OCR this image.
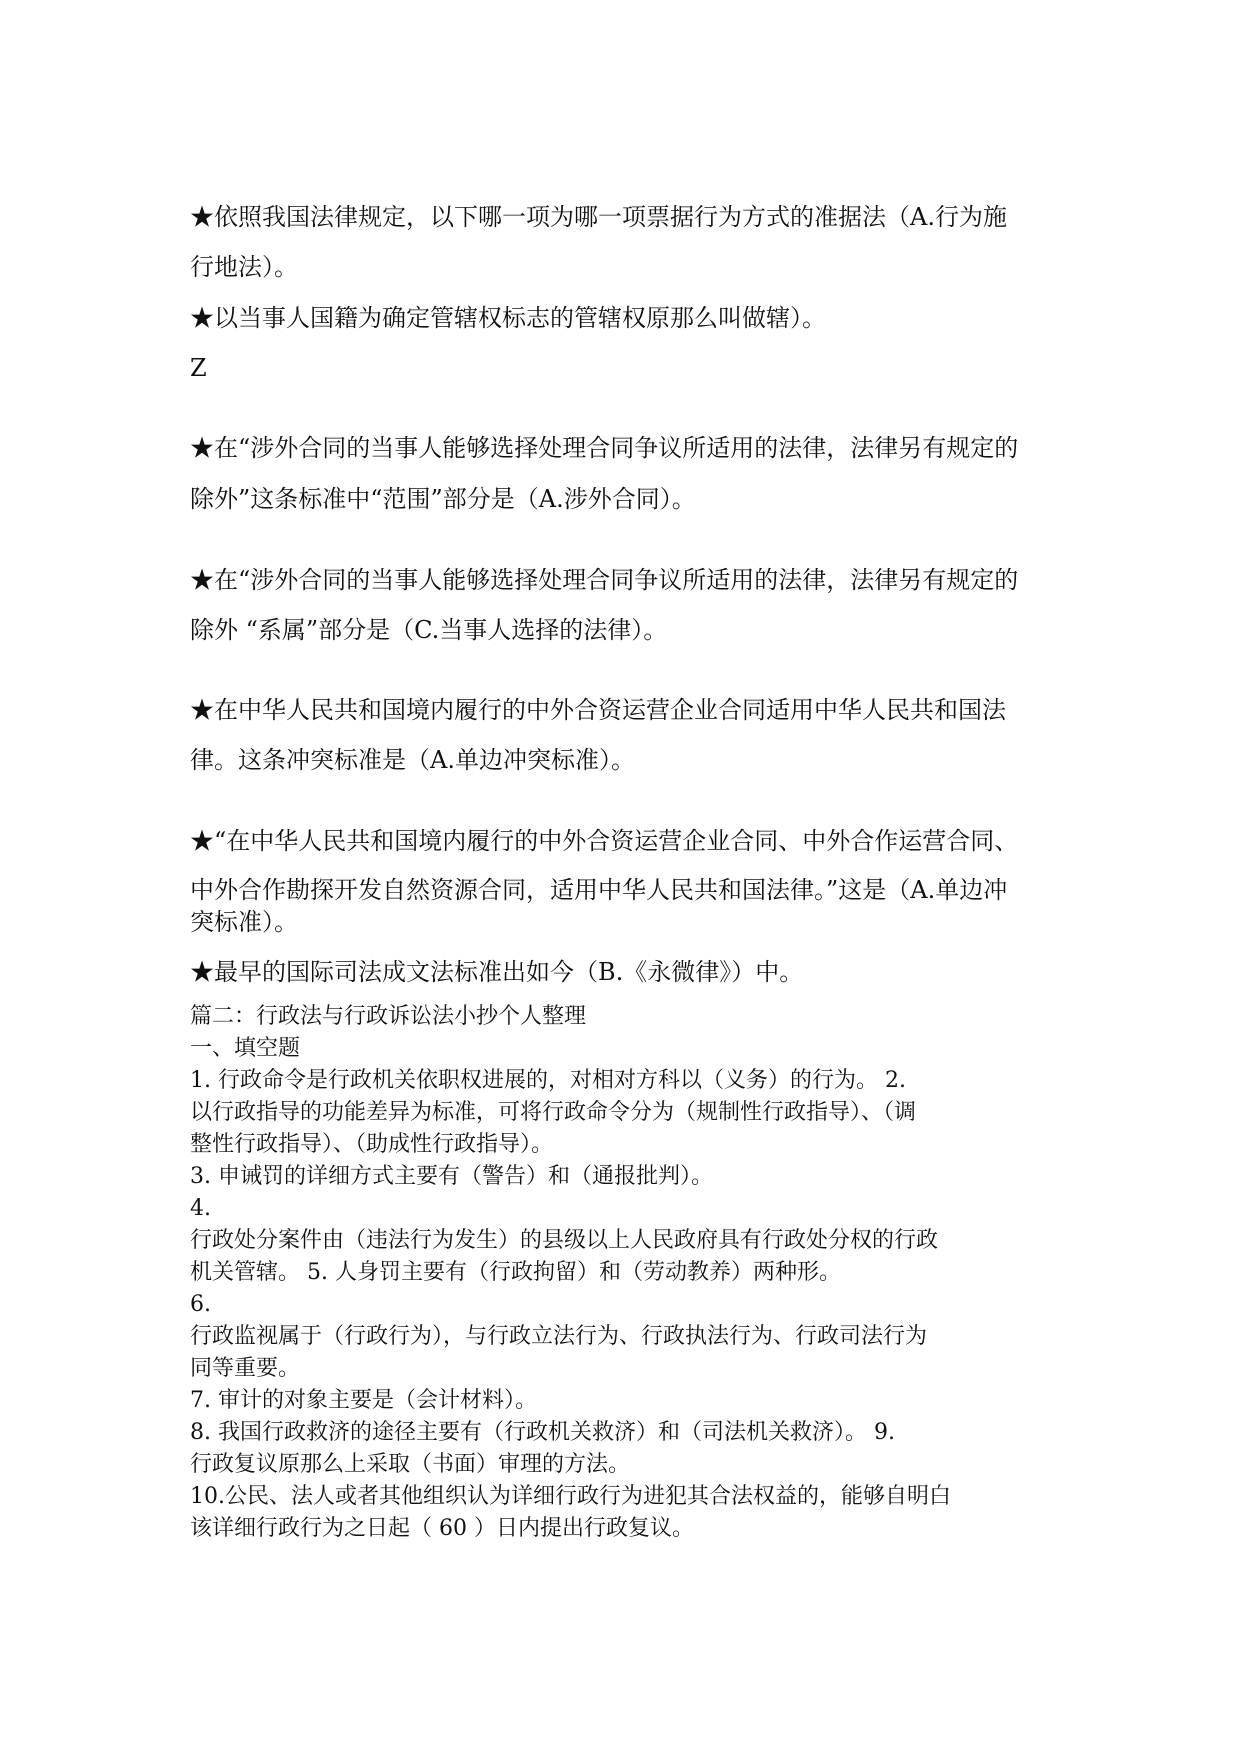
★依照我国法律规定，以下哪一项为哪一项票据行为方式的准据法（A.行为施
行地法）。
★以当事人国籍为确定管辖权标志的管辖权原那么叫做辖）。
Z
★在“涉外合同的当事人能够选择处理合同争议所适用的法律，法律另有规定的
除外”这条标准中“范围”部分是（A.涉外合同）。
★在“涉外合同的当事人能够选择处理合同争议所适用的法律，法律另有规定的
除外 “系属”部分是（C.当事人选择的法律）。
★在中华人民共和国境内履行的中外合资运营企业合同适用中华人民共和国法
律。这条冲突标准是（A.单边冲突标准）。
★“在中华人民共和国境内履行的中外合资运营企业合同、中外合作运营合同、
中外合作勘探开发自然资源合同，适用中华人民共和国法律。”这是（A.单边冲
突标准）。
★最早的国际司法成文法标准出如今（B.《永微律》）中。
篇二：行政法与行政诉讼法小抄个人整理
一、填空题
1. 行政命令是行政机关依职权进展的，对相对方科以（义务）的行为。 2.
以行政指导的功能差异为标准，可将行政命令分为（规制性行政指导）、（调
整性行政指导）、（助成性行政指导）。
3. 申诫罚的详细方式主要有（警告）和（通报批判）。
4.
行政处分案件由（违法行为发生）的县级以上人民政府具有行政处分权的行政
机关管辖。 5. 人身罚主要有（行政拘留）和（劳动教养）两种形。
6.
行政监视属于（行政行为），与行政立法行为、行政执法行为、行政司法行为
同等重要。
7. 审计的对象主要是（会计材料）。
8. 我国行政救济的途径主要有（行政机关救济）和（司法机关救济）。 9.
行政复议原那么上采取（书面）审理的方法。
10.公民、法人或者其他组织认为详细行政行为进犯其合法权益的，能够自明白
该详细行政行为之日起（ 60 ）日内提出行政复议。
